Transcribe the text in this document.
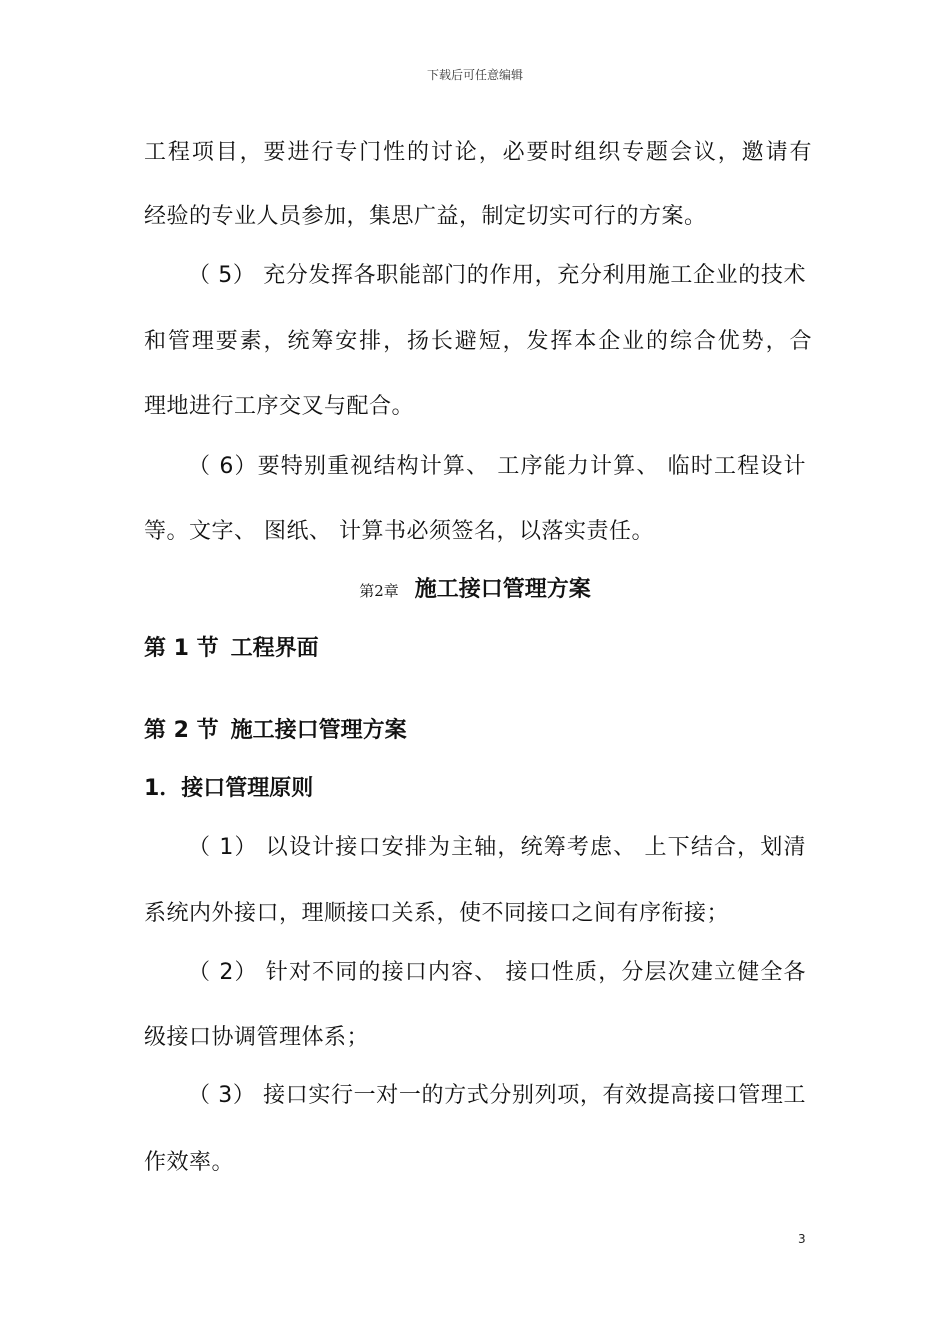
下载后可任意编辑
工程项目，要进行专门性的讨论，必要时组织专题会议，邀请有
经验的专业人员参加，集思广益，制定切实可行的方案。
（ 5） 充分发挥各职能部门的作用，充分利用施工企业的技术
和管理要素，统筹安排，扬长避短，发挥本企业的综合优势，合
理地进行工序交叉与配合。
（ 6）要特别重视结构计算、 工序能力计算、 临时工程设计
等。文字、 图纸、 计算书必须签名，以落实责任。
第2章 施工接口管理方案
第 1 节 工程界面
第 2 节 施工接口管理方案
1．接口管理原则
（ 1） 以设计接口安排为主轴，统筹考虑、 上下结合，划清
系统内外接口，理顺接口关系，使不同接口之间有序衔接；
（ 2） 针对不同的接口内容、 接口性质，分层次建立健全各
级接口协调管理体系；
（ 3） 接口实行一对一的方式分别列项，有效提高接口管理工
作效率。
3
